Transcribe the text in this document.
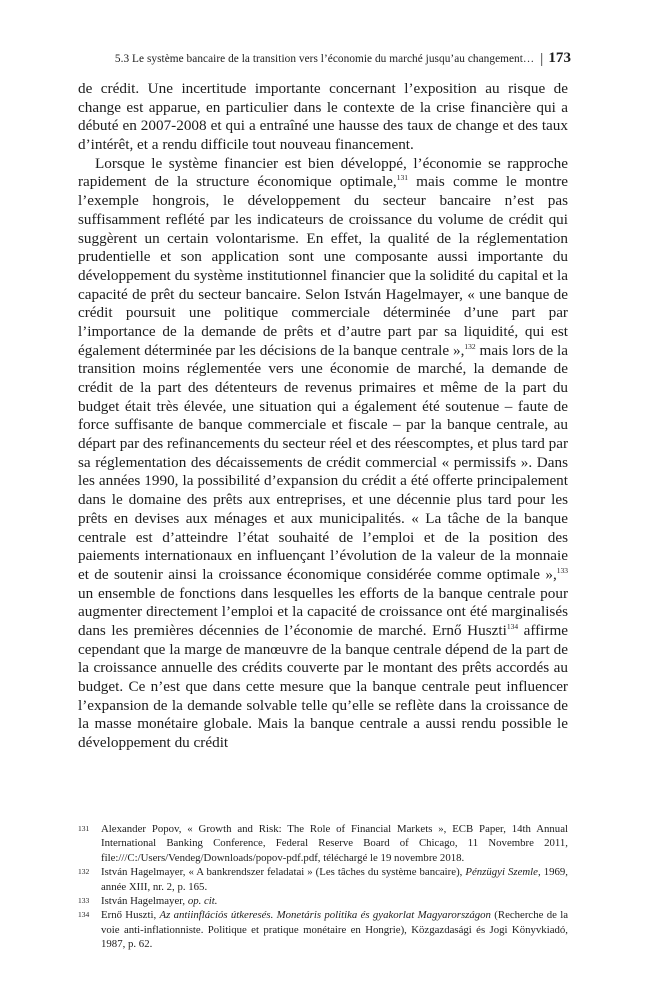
5.3 Le système bancaire de la transition vers l’économie du marché jusqu’au changement… | 173

de crédit. Une incertitude importante concernant l’exposition au risque de change est apparue, en particulier dans le contexte de la crise financière qui a débuté en 2007-2008 et qui a entraîné une hausse des taux de change et des taux d’intérêt, et a rendu difficile tout nouveau financement.

Lorsque le système financier est bien développé, l’économie se rapproche rapidement de la structure économique optimale,$^{131}$ mais comme le montre l’exemple hongrois, le développement du secteur bancaire n’est pas suffisamment reflété par les indicateurs de croissance du volume de crédit qui suggèrent un certain volontarisme. En effet, la qualité de la réglementation prudentielle et son application sont une composante aussi importante du développement du système institutionnel financier que la solidité du capital et la capacité de prêt du secteur bancaire. Selon István Hagelmayer, « une banque de crédit poursuit une politique commerciale déterminée d’une part par l’importance de la demande de prêts et d’autre part par sa liquidité, qui est également déterminée par les décisions de la banque centrale »,$^{132}$ mais lors de la transition moins réglementée vers une économie de marché, la demande de crédit de la part des détenteurs de revenus primaires et même de la part du budget était très élevée, une situation qui a également été soutenue – faute de force suffisante de banque commerciale et fiscale – par la banque centrale, au départ par des refinancements du secteur réel et des réescomptes, et plus tard par sa réglementation des décaissements de crédit commercial « permissifs ». Dans les années 1990, la possibilité d’expansion du crédit a été offerte principalement dans le domaine des prêts aux entreprises, et une décennie plus tard pour les prêts en devises aux ménages et aux municipalités. « La tâche de la banque centrale est d’atteindre l’état souhaité de l’emploi et de la position des paiements internationaux en influençant l’évolution de la valeur de la monnaie et de soutenir ainsi la croissance économique considérée comme optimale »,$^{133}$ un ensemble de fonctions dans lesquelles les efforts de la banque centrale pour augmenter directement l’emploi et la capacité de croissance ont été marginalisés dans les premières décennies de l’économie de marché. Ernő Huszti$^{134}$ affirme cependant que la marge de manœuvre de la banque centrale dépend de la part de la croissance annuelle des crédits couverte par le montant des prêts accordés au budget. Ce n’est que dans cette mesure que la banque centrale peut influencer l’expansion de la demande solvable telle qu’elle se reflète dans la croissance de la masse monétaire globale. Mais la banque centrale a aussi rendu possible le développement du crédit

131 Alexander Popov, « Growth and Risk: The Role of Financial Markets », ECB Paper, 14th Annual International Banking Conference, Federal Reserve Board of Chicago, 11 Novembre 2011, file:///C:/Users/Vendeg/Downloads/popov-pdf.pdf, téléchargé le 19 novembre 2018.

132 István Hagelmayer, « A bankrendszer feladatai » (Les tâches du système bancaire), Pénzügyi Szemle, 1969, année XIII, nr. 2, p. 165.

133 István Hagelmayer, op. cit.

134 Ernő Huszti, Az antiinflációs útkeresés. Monetáris politika és gyakorlat Magyarországon (Recherche de la voie anti-inflationniste. Politique et pratique monétaire en Hongrie), Közgazdasági és Jogi Könyvkiadó, 1987, p. 62.
